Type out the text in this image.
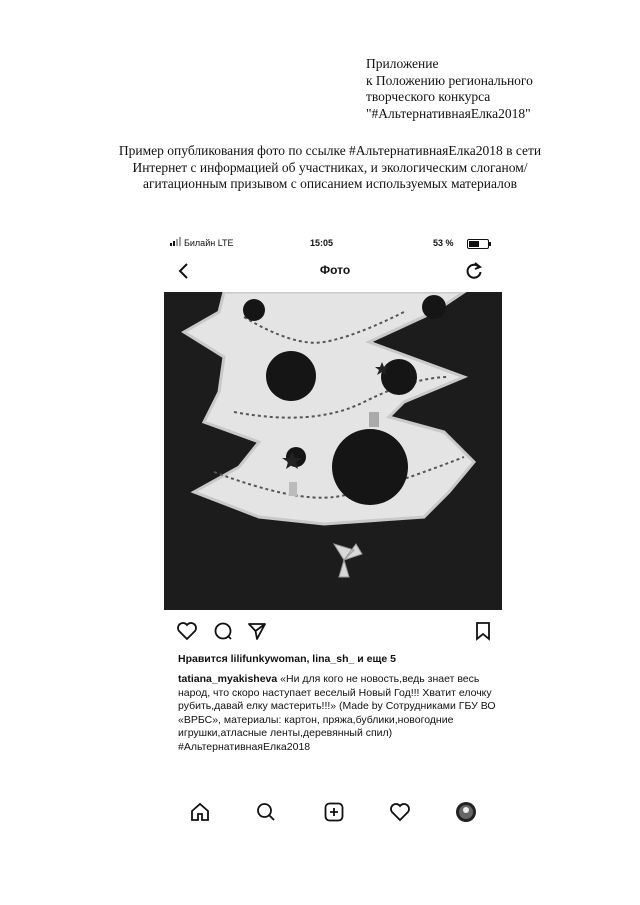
Приложение
к Положению регионального
творческого конкурса
"#АльтернативнаяЕлка2018"
Пример опубликования фото по ссылке #АльтернативнаяЕлка2018 в сети
Интернет с информацией об участниках, и экологическим слоганом/
агитационным призывом с описанием используемых материалов
Билайн LTE	15:05	53 %
Фото
Нравится lilifunkywoman, lina_sh_ и еще 5
tatiana_myakisheva «Ни для кого не новость,ведь знает весь народ, что скоро наступает веселый Новый Год!!! Хватит елочку рубить,давай елку мастерить!!!» (Made by Сотрудниками ГБУ ВО «ВРБС», материалы: картон, пряжа,бублики,новогодние игрушки,атласные ленты,деревянный спил)
#АльтернативнаяЕлка2018
